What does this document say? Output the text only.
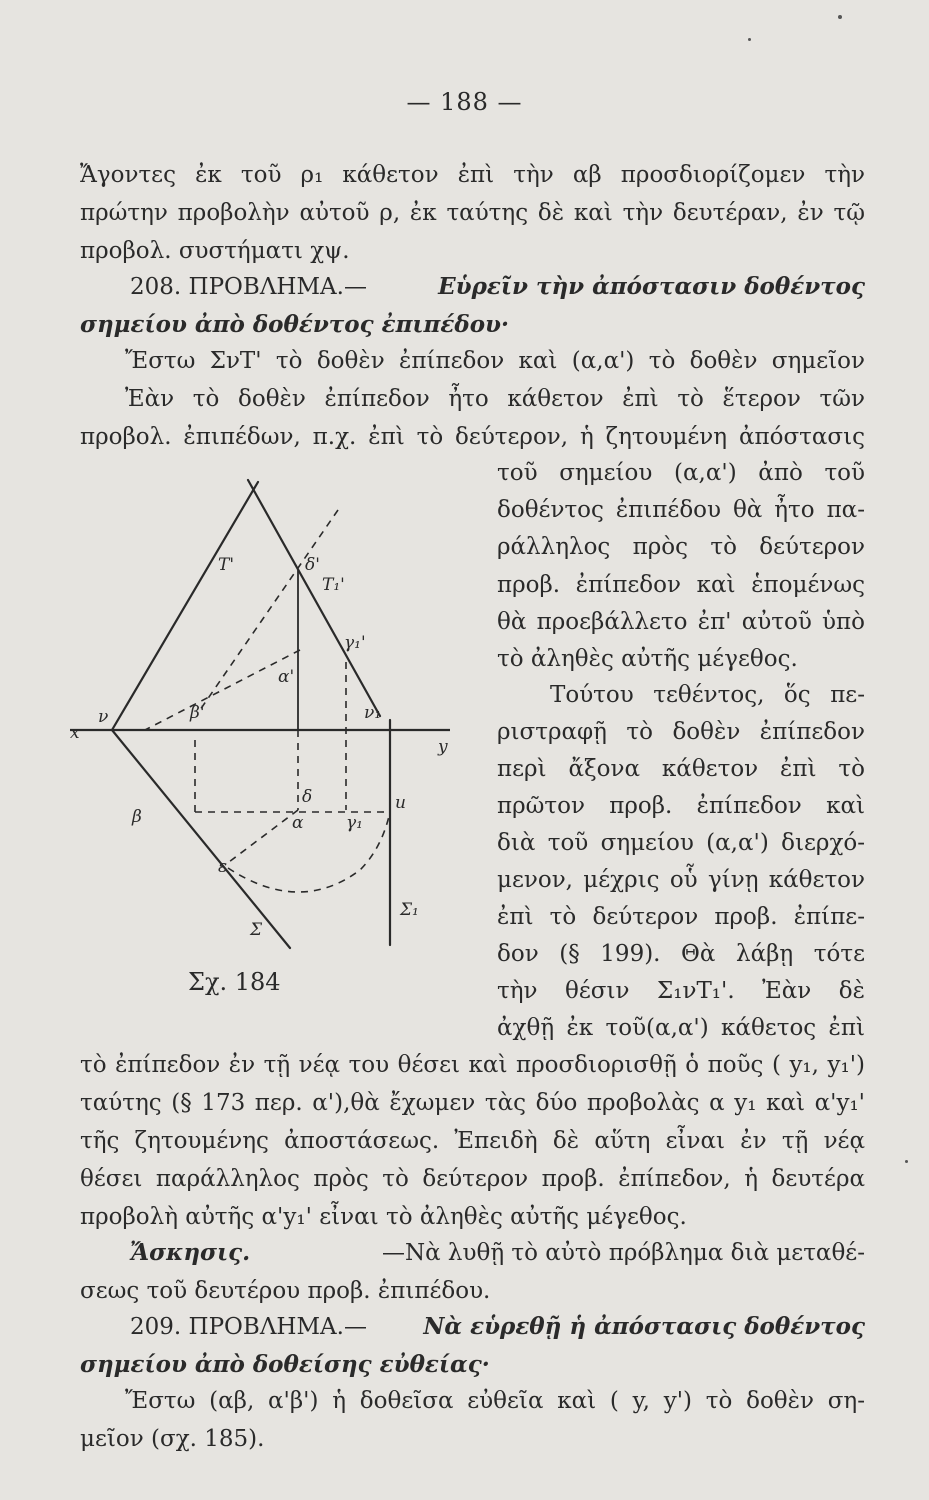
— 188 —
Ἄγοντες ἐκ τοῦ ρ₁ κάθετον ἐπὶ τὴν αβ προσδιορίζομεν τὴν
πρώτην προβολὴν αὐτοῦ ρ, ἐκ ταύτης δὲ καὶ τὴν δευτέραν, ἐν τῷ
προβολ. συστήματι χψ.
208. ΠΡΟΒΛΗΜΑ.—	Εὑρεῖν τὴν ἀπόστασιν δοθέντος
σημείου ἀπὸ δοθέντος ἐπιπέδου·
Ἔστω ΣνΤ' τὸ δοθὲν ἐπίπεδον καὶ (α,α') τὸ δοθὲν σημεῖον
Ἐὰν τὸ δοθὲν ἐπίπεδον ἦτο κάθετον ἐπὶ τὸ ἕτερον τῶν
προβολ. ἐπιπέδων, π.χ. ἐπὶ τὸ δεύτερον, ἡ ζητουμένη ἀπόστασις
τοῦ σημείου (α,α') ἀπὸ τοῦ
δοθέντος ἐπιπέδου θὰ ἦτο πα-
ράλληλος πρὸς τὸ δεύτερον
προβ. ἐπίπεδον καὶ ἑπομένως
θὰ προεβάλλετο ἐπ' αὐτοῦ ὑπὸ
τὸ ἀληθὲς αὐτῆς μέγεθος.
Τούτου τεθέντος, ὅς πε-
ριστραφῇ τὸ δοθὲν ἐπίπεδον
περὶ ἄξονα κάθετον ἐπὶ τὸ
πρῶτον προβ. ἐπίπεδον καὶ
διὰ τοῦ σημείου (α,α') διερχό-
μενον, μέχρις οὗ γίνῃ κάθετον
ἐπὶ τὸ δεύτερον προβ. ἐπίπε-
δον (§ 199). Θὰ λάβῃ τότε
τὴν θέσιν Σ₁νΤ₁'. Ἐὰν δὲ
ἀχθῇ ἐκ τοῦ(α,α') κάθετος ἐπὶ
x
y
T'
T₁'
δ'
γ₁'
α'
ν	ν₁
β'
δ
α	γ₁
β
ε
Σ
Σ₁
u
Σχ. 184
τὸ ἐπίπεδον ἐν τῇ νέᾳ του θέσει καὶ προσδιορισθῇ ὁ ποῦς ( y₁, y₁')
ταύτης (§ 173 περ. α'),θὰ ἔχωμεν τὰς δύο προβολὰς α y₁ καὶ α'y₁'
τῆς ζητουμένης ἀποστάσεως. Ἐπειδὴ δὲ αὕτη εἶναι ἐν τῇ νέᾳ
θέσει παράλληλος πρὸς τὸ δεύτερον προβ. ἐπίπεδον, ἡ δευτέρα
προβολὴ αὐτῆς α'y₁' εἶναι τὸ ἀληθὲς αὐτῆς μέγεθος.
Ἄσκησις.	—Νὰ λυθῇ τὸ αὐτὸ πρόβλημα διὰ μεταθέ-
σεως τοῦ δευτέρου προβ. ἐπιπέδου.
209. ΠΡΟΒΛΗΜΑ.— Νὰ εὑρεθῇ ἡ ἀπόστασις δοθέντος
σημείου ἀπὸ δοθείσης εὐθείας·
Ἔστω (αβ, α'β') ἡ δοθεῖσα εὐθεῖα καὶ ( y, y') τὸ δοθὲν ση-
μεῖον (σχ. 185).
